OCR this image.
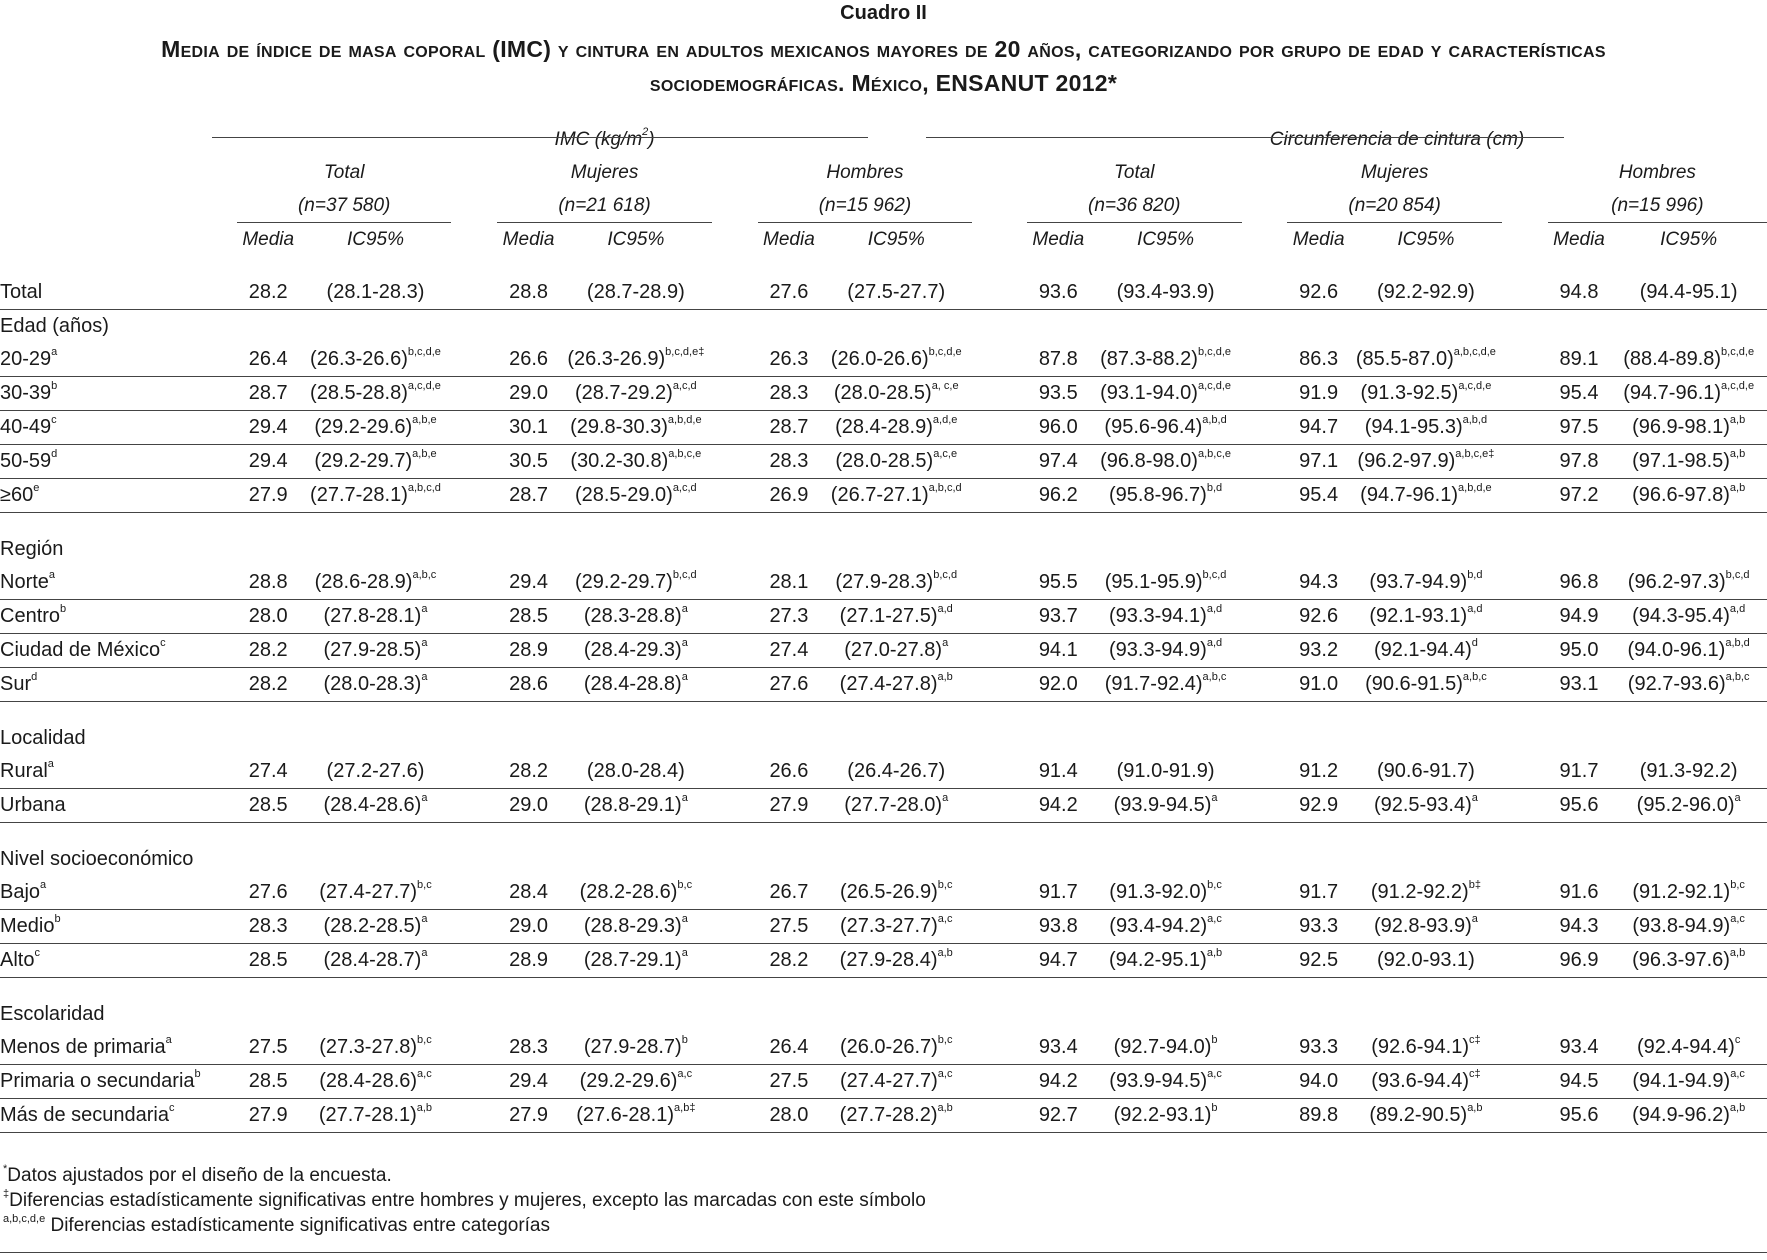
Cuadro II
Media de índice de masa coporal (IMC) y cintura en adultos mexicanos mayores de 20 años, categorizando por grupo de edad y características
sociodemográficas. México, ENSANUT 2012*
	IMC $(kg/m^2)$									Circunferencia de cintura (cm)							
	Total			Mujeres			Hombres			Total			Mujeres			Hombres	
	(n=37 580)			(n=21 618)			(n=15 962)			(n=36 820)			(n=20 854)			(n=15 996)	
	Media	IC95%		Media	IC95%		Media	IC95%		Media	IC95%		Media	IC95%		Media	IC95%

Total	28.2	(28.1-28.3)		28.8	(28.7-28.9)		27.6	(27.5-27.7)		93.6	(93.4-93.9)		92.6	(92.2-92.9)		94.8	(94.4-95.1)
Edad (años)																	
20-29$^a$	26.4	$(26.3-26.6)^{b,c,d,e}$		26.6	$(26.3-26.9)^{b,c,d,e\ddagger}$		26.3	$(26.0-26.6)^{b,c,d,e}$		87.8	$(87.3-88.2)^{b,c,d,e}$		86.3	$(85.5-87.0)^{a,b,c,d,e}$		89.1	$(88.4-89.8)^{b,c,d,e}$
30-39$^b$	28.7	$(28.5-28.8)^{a,c,d,e}$		29.0	$(28.7-29.2)^{a,c,d}$		28.3	$(28.0-28.5)^{a, c,e}$		93.5	$(93.1-94.0)^{a,c,d,e}$		91.9	$(91.3-92.5)^{a,c,d,e}$		95.4	$(94.7-96.1)^{a,c,d,e}$
40-49$^c$	29.4	$(29.2-29.6)^{a,b,e}$		30.1	$(29.8-30.3)^{a,b,d,e}$		28.7	$(28.4-28.9)^{a,d,e}$		96.0	$(95.6-96.4)^{a,b,d}$		94.7	$(94.1-95.3)^{a,b,d}$		97.5	$(96.9-98.1)^{a,b}$
50-59$^d$	29.4	$(29.2-29.7)^{a,b,e}$		30.5	$(30.2-30.8)^{a,b,c,e}$		28.3	$(28.0-28.5)^{a,c,e}$		97.4	$(96.8-98.0)^{a,b,c,e}$		97.1	$(96.2-97.9)^{a,b,c,e\ddagger}$		97.8	$(97.1-98.5)^{a,b}$
$\ge 60^e$	27.9	$(27.7-28.1)^{a,b,c,d}$		28.7	$(28.5-29.0)^{a,c,d}$		26.9	$(26.7-27.1)^{a,b,c,d}$		96.2	$(95.8-96.7)^{b,d}$		95.4	$(94.7-96.1)^{a,b,d,e}$		97.2	$(96.6-97.8)^{a,b}$

Región																	
Norte$^a$	28.8	$(28.6-28.9)^{a,b,c}$		29.4	$(29.2-29.7)^{b,c,d}$		28.1	$(27.9-28.3)^{b,c,d}$		95.5	$(95.1-95.9)^{b,c,d}$		94.3	$(93.7-94.9)^{b,d}$		96.8	$(96.2-97.3)^{b,c,d}$
Centro$^b$	28.0	$(27.8-28.1)^a$		28.5	$(28.3-28.8)^a$		27.3	$(27.1-27.5)^{a,d}$		93.7	$(93.3-94.1)^{a,d}$		92.6	$(92.1-93.1)^{a,d}$		94.9	$(94.3-95.4)^{a,d}$
Ciudad de México$^c$	28.2	$(27.9-28.5)^a$		28.9	$(28.4-29.3)^a$		27.4	$(27.0-27.8)^a$		94.1	$(93.3-94.9)^{a,d}$		93.2	$(92.1-94.4)^d$		95.0	$(94.0-96.1)^{a,b,d}$
Sur$^d$	28.2	$(28.0-28.3)^a$		28.6	$(28.4-28.8)^a$		27.6	$(27.4-27.8)^{a,b}$		92.0	$(91.7-92.4)^{a,b,c}$		91.0	$(90.6-91.5)^{a,b,c}$		93.1	$(92.7-93.6)^{a,b,c}$

Localidad																	
Rural$^a$	27.4	(27.2-27.6)		28.2	(28.0-28.4)		26.6	(26.4-26.7)		91.4	(91.0-91.9)		91.2	(90.6-91.7)		91.7	(91.3-92.2)
Urbana	28.5	$(28.4-28.6)^a$		29.0	$(28.8-29.1)^a$		27.9	$(27.7-28.0)^a$		94.2	$(93.9-94.5)^a$		92.9	$(92.5-93.4)^a$		95.6	$(95.2-96.0)^a$

Nivel socioeconómico																	
Bajo$^a$	27.6	$(27.4-27.7)^{b,c}$		28.4	$(28.2-28.6)^{b,c}$		26.7	$(26.5-26.9)^{b,c}$		91.7	$(91.3-92.0)^{b,c}$		91.7	$(91.2-92.2)^{b\ddagger}$		91.6	$(91.2-92.1)^{b,c}$
Medio$^b$	28.3	$(28.2-28.5)^a$		29.0	$(28.8-29.3)^a$		27.5	$(27.3-27.7)^{a,c}$		93.8	$(93.4-94.2)^{a,c}$		93.3	$(92.8-93.9)^a$		94.3	$(93.8-94.9)^{a,c}$
Alto$^c$	28.5	$(28.4-28.7)^a$		28.9	$(28.7-29.1)^a$		28.2	$(27.9-28.4)^{a,b}$		94.7	$(94.2-95.1)^{a,b}$		92.5	(92.0-93.1)		96.9	$(96.3-97.6)^{a,b}$

Escolaridad																	
Menos de primaria$^a$	27.5	$(27.3-27.8)^{b,c}$		28.3	$(27.9-28.7)^b$		26.4	$(26.0-26.7)^{b,c}$		93.4	$(92.7-94.0)^b$		93.3	$(92.6-94.1)^{c\ddagger}$		93.4	$(92.4-94.4)^c$
Primaria o secundaria$^b$	28.5	$(28.4-28.6)^{a,c}$		29.4	$(29.2-29.6)^{a,c}$		27.5	$(27.4-27.7)^{a,c}$		94.2	$(93.9-94.5)^{a,c}$		94.0	$(93.6-94.4)^{c\ddagger}$		94.5	$(94.1-94.9)^{a,c}$
Más de secundaria$^c$	27.9	$(27.7-28.1)^{a,b}$		27.9	$(27.6-28.1)^{a,b\ddagger}$		28.0	$(27.7-28.2)^{a,b}$		92.7	$(92.2-93.1)^b$		89.8	$(89.2-90.5)^{a,b}$		95.6	$(94.9-96.2)^{a,b}$
*Datos ajustados por el diseño de la encuesta.
‡Diferencias estadísticamente significativas entre hombres y mujeres, excepto las marcadas con este símbolo
$^{a,b,c,d,e}$ Diferencias estadísticamente significativas entre categorías
